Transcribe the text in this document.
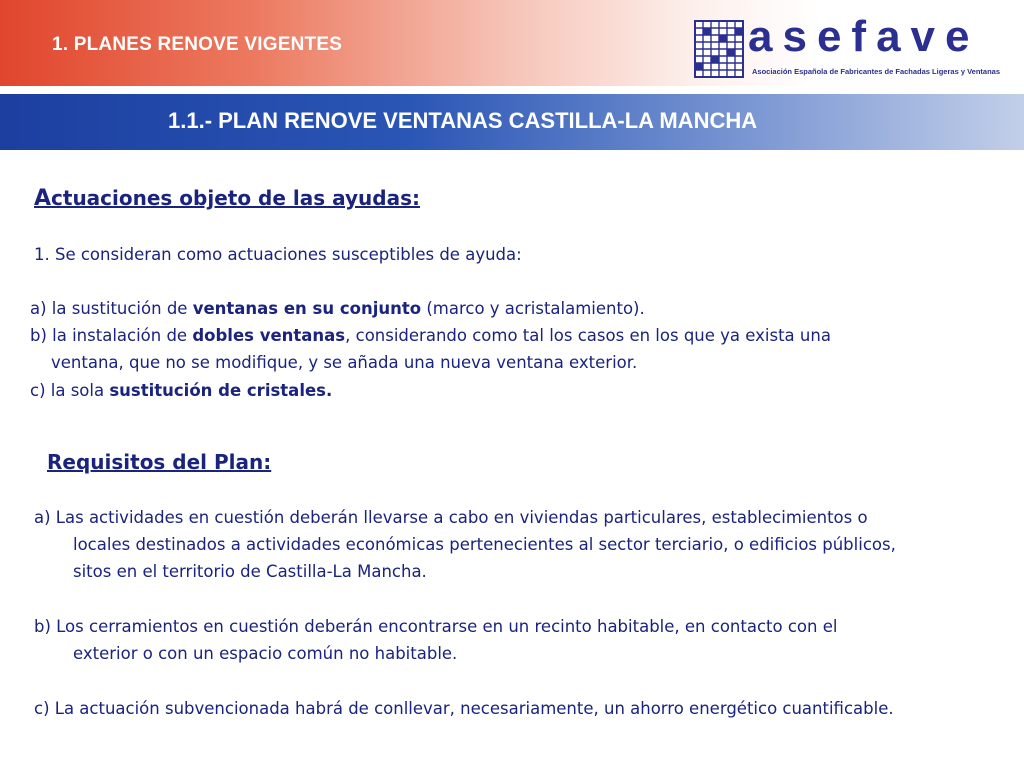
1. PLANES RENOVE VIGENTES	asefave
Asociación Española de Fabricantes de Fachadas Ligeras y Ventanas
1.1.- PLAN RENOVE VENTANAS CASTILLA-LA MANCHA
Actuaciones objeto de las ayudas:
1. Se consideran como actuaciones susceptibles de ayuda:
a) la sustitución de ventanas en su conjunto (marco y acristalamiento).
b) la instalación de dobles ventanas, considerando como tal los casos en los que ya exista una
ventana, que no se modifique, y se añada una nueva ventana exterior.
c) la sola sustitución de cristales.
Requisitos del Plan:
a) Las actividades en cuestión deberán llevarse a cabo en viviendas particulares, establecimientos o
locales destinados a actividades económicas pertenecientes al sector terciario, o edificios públicos,
sitos en el territorio de Castilla-La Mancha.
b) Los cerramientos en cuestión deberán encontrarse en un recinto habitable, en contacto con el
exterior o con un espacio común no habitable.
c) La actuación subvencionada habrá de conllevar, necesariamente, un ahorro energético cuantificable.
